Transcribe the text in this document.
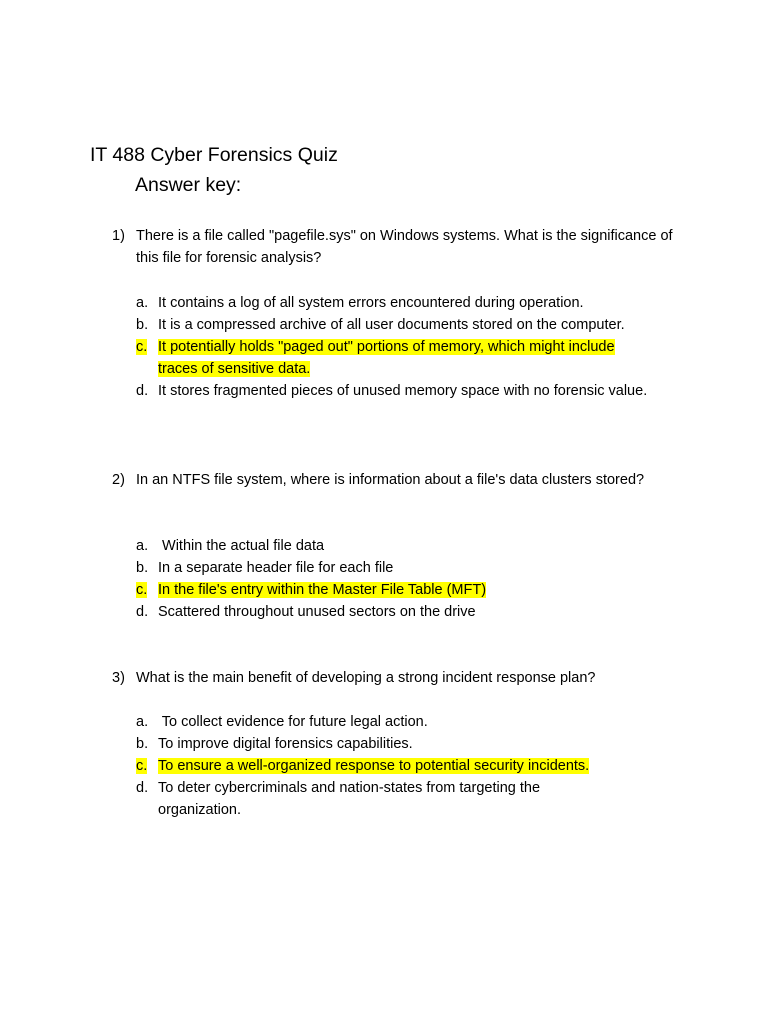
IT 488 Cyber Forensics Quiz
Answer key:
1) There is a file called "pagefile.sys" on Windows systems. What is the significance of this file for forensic analysis?
a. It contains a log of all system errors encountered during operation.
b. It is a compressed archive of all user documents stored on the computer.
c. It potentially holds "paged out" portions of memory, which might include traces of sensitive data.
d. It stores fragmented pieces of unused memory space with no forensic value.
2) In an NTFS file system, where is information about a file's data clusters stored?
a. Within the actual file data
b. In a separate header file for each file
c. In the file's entry within the Master File Table (MFT)
d. Scattered throughout unused sectors on the drive
3) What is the main benefit of developing a strong incident response plan?
a. To collect evidence for future legal action.
b. To improve digital forensics capabilities.
c. To ensure a well-organized response to potential security incidents.
d. To deter cybercriminals and nation-states from targeting the organization.
